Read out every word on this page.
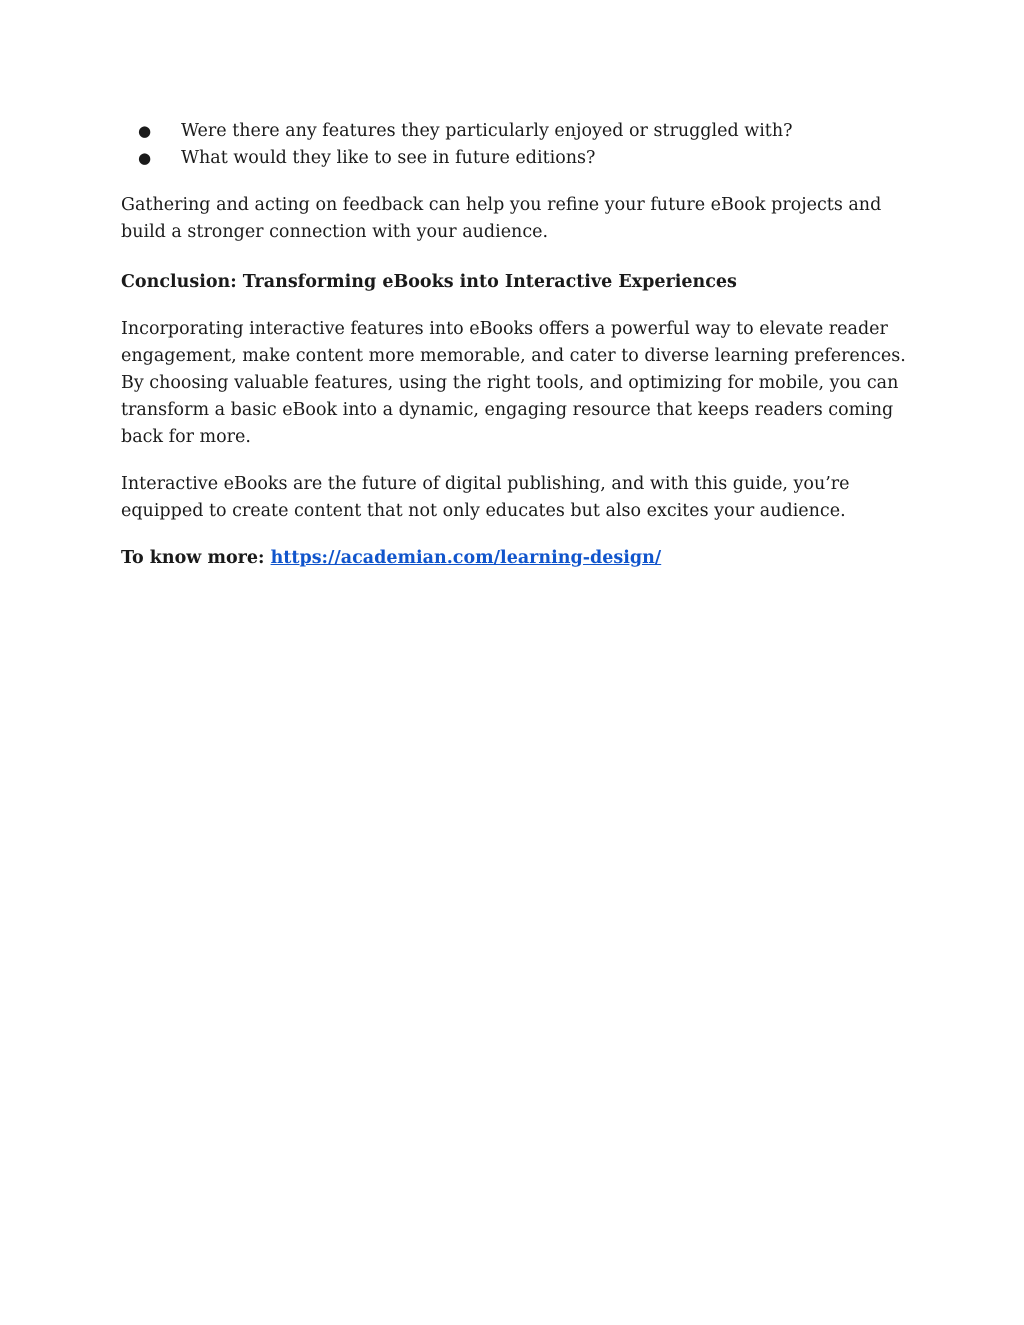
● Were there any features they particularly enjoyed or struggled with?
● What would they like to see in future editions?

Gathering and acting on feedback can help you refine your future eBook projects and build a stronger connection with your audience.

Conclusion: Transforming eBooks into Interactive Experiences

Incorporating interactive features into eBooks offers a powerful way to elevate reader engagement, make content more memorable, and cater to diverse learning preferences. By choosing valuable features, using the right tools, and optimizing for mobile, you can transform a basic eBook into a dynamic, engaging resource that keeps readers coming back for more.

Interactive eBooks are the future of digital publishing, and with this guide, you’re equipped to create content that not only educates but also excites your audience.

To know more: https://academian.com/learning-design/
